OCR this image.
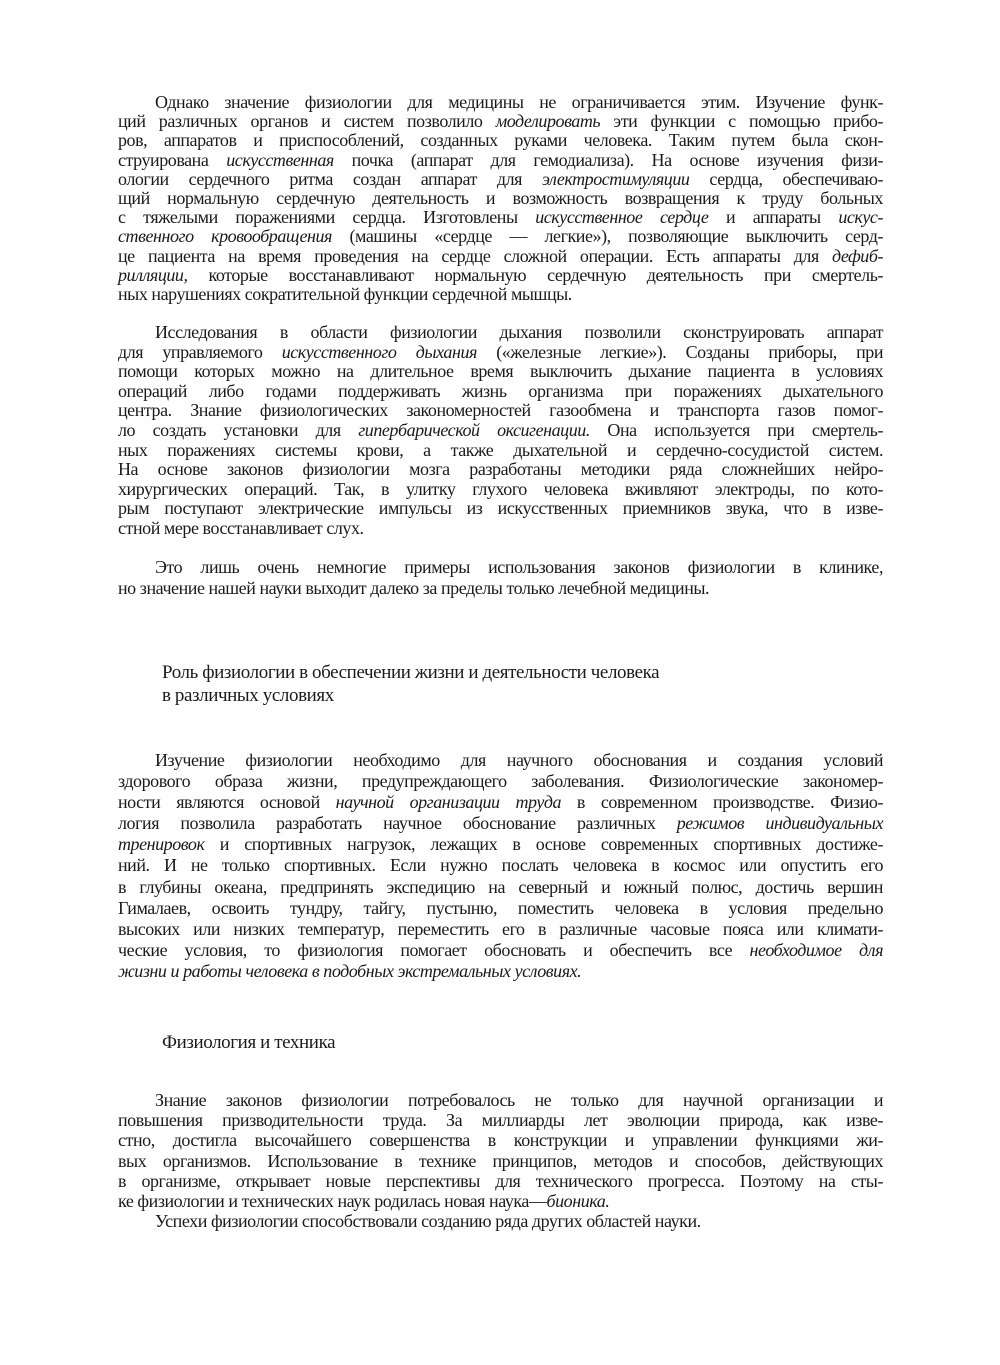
Однако значение физиологии для медицины не ограничивается этим. Изучение функ-
ций различных органов и систем позволило моделировать эти функции с помощью прибо-
ров, аппаратов и приспособлений, созданных руками человека. Таким путем была скон-
струирована искусственная почка (аппарат для гемодиализа). На основе изучения физи-
ологии сердечного ритма создан аппарат для электростимуляции сердца, обеспечиваю-
щий нормальную сердечную деятельность и возможность возвращения к труду больных
с тяжелыми поражениями сердца. Изготовлены искусственное сердце и аппараты искус-
ственного кровообращения (машины «сердце — легкие»), позволяющие выключить серд-
це пациента на время проведения на сердце сложной операции. Есть аппараты для дефиб-
рилляции, которые восстанавливают нормальную сердечную деятельность при смертель-
ных нарушениях сократительной функции сердечной мышцы.
Исследования в области физиологии дыхания позволили сконструировать аппарат
для управляемого искусственного дыхания («железные легкие»). Созданы приборы, при
помощи которых можно на длительное время выключить дыхание пациента в условиях
операций либо годами поддерживать жизнь организма при поражениях дыхательного
центра. Знание физиологических закономерностей газообмена и транспорта газов помог-
ло создать установки для гипербарической оксигенации. Она используется при смертель-
ных поражениях системы крови, а также дыхательной и сердечно-сосудистой систем.
На основе законов физиологии мозга разработаны методики ряда сложнейших нейро-
хирургических операций. Так, в улитку глухого человека вживляют электроды, по кото-
рым поступают электрические импульсы из искусственных приемников звука, что в изве-
стной мере восстанавливает слух.
Это лишь очень немногие примеры использования законов физиологии в клинике,
но значение нашей науки выходит далеко за пределы только лечебной медицины.
Роль физиологии в обеспечении жизни и деятельности человека
в различных условиях
Изучение физиологии необходимо для научного обоснования и создания условий
здорового образа жизни, предупреждающего заболевания. Физиологические закономер-
ности являются основой научной организации труда в современном производстве. Физио-
логия позволила разработать научное обоснование различных режимов индивидуальных
тренировок и спортивных нагрузок, лежащих в основе современных спортивных достиже-
ний. И не только спортивных. Если нужно послать человека в космос или опустить его
в глубины океана, предпринять экспедицию на северный и южный полюс, достичь вершин
Гималаев, освоить тундру, тайгу, пустыню, поместить человека в условия предельно
высоких или низких температур, переместить его в различные часовые пояса или климати-
ческие условия, то физиология помогает обосновать и обеспечить все необходимое для
жизни и работы человека в подобных экстремальных условиях.
Физиология и техника
Знание законов физиологии потребовалось не только для научной организации и
повышения призводительности труда. За миллиарды лет эволюции природа, как изве-
стно, достигла высочайшего совершенства в конструкции и управлении функциями жи-
вых организмов. Использование в технике принципов, методов и способов, действующих
в организме, открывает новые перспективы для технического прогресса. Поэтому на сты-
ке физиологии и технических наук родилась новая наука—бионика.
Успехи физиологии способствовали созданию ряда других областей науки.
